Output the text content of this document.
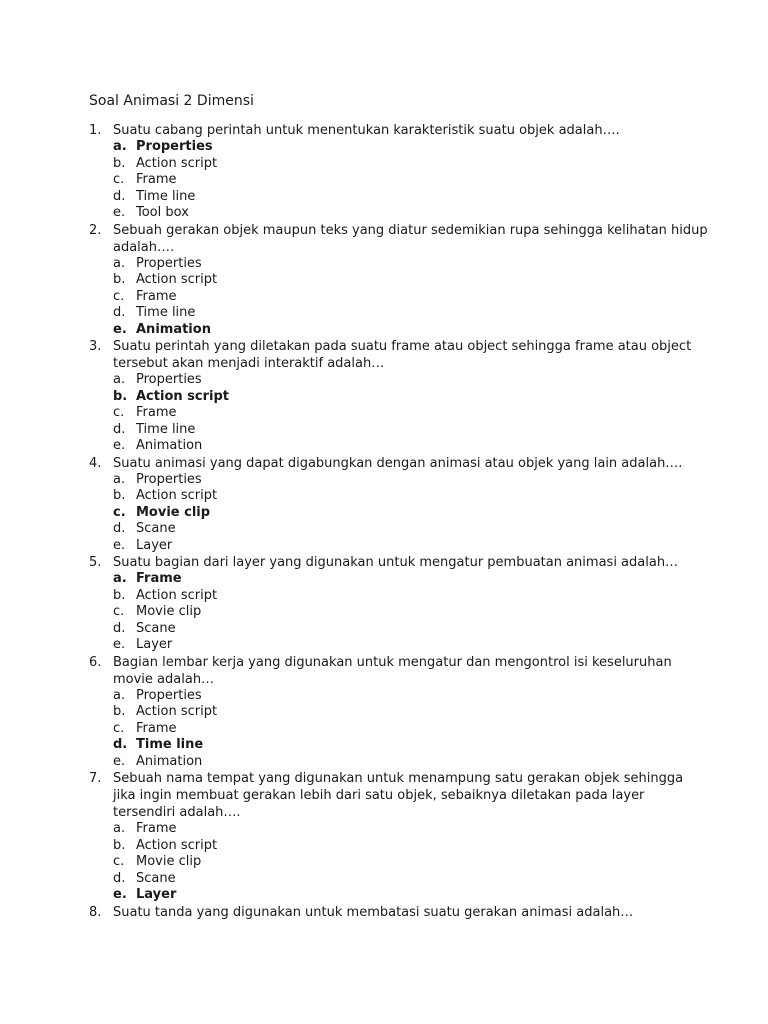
Soal Animasi 2 Dimensi
1. Suatu cabang perintah untuk menentukan karakteristik suatu objek adalah….
a. Properties
b. Action script
c. Frame
d. Time line
e. Tool box
2. Sebuah gerakan objek maupun teks yang diatur sedemikian rupa sehingga kelihatan hidup adalah….
a. Properties
b. Action script
c. Frame
d. Time line
e. Animation
3. Suatu perintah yang diletakan pada suatu frame atau object sehingga frame atau object tersebut akan menjadi interaktif adalah…
a. Properties
b. Action script
c. Frame
d. Time line
e. Animation
4. Suatu animasi yang dapat digabungkan dengan animasi atau objek yang lain adalah….
a. Properties
b. Action script
c. Movie clip
d. Scane
e. Layer
5. Suatu bagian dari layer yang digunakan untuk mengatur pembuatan animasi adalah…
a. Frame
b. Action script
c. Movie clip
d. Scane
e. Layer
6. Bagian lembar kerja yang digunakan untuk mengatur dan mengontrol isi keseluruhan movie adalah…
a. Properties
b. Action script
c. Frame
d. Time line
e. Animation
7. Sebuah nama tempat yang digunakan untuk menampung satu gerakan objek sehingga jika ingin membuat gerakan lebih dari satu objek, sebaiknya diletakan pada layer tersendiri adalah….
a. Frame
b. Action script
c. Movie clip
d. Scane
e. Layer
8. Suatu tanda yang digunakan untuk membatasi suatu gerakan animasi adalah…
